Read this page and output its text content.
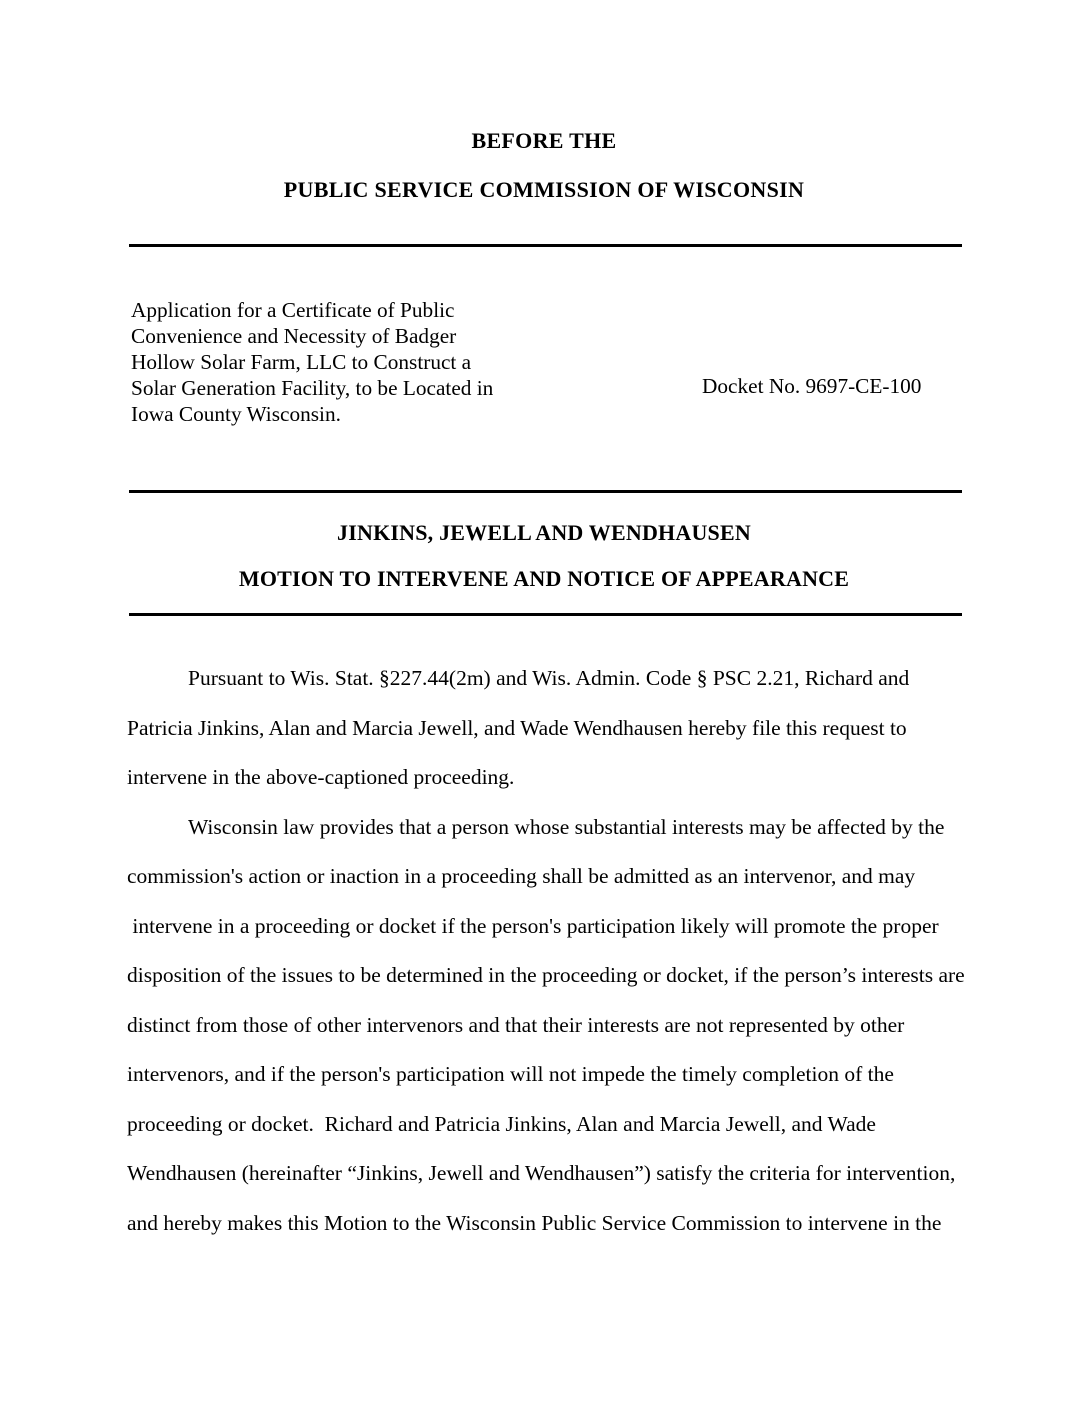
BEFORE THE
PUBLIC SERVICE COMMISSION OF WISCONSIN
Application for a Certificate of Public
Convenience and Necessity of Badger
Hollow Solar Farm, LLC to Construct a
Solar Generation Facility, to be Located in
Iowa County Wisconsin.
Docket No. 9697-CE-100
JINKINS, JEWELL AND WENDHAUSEN
MOTION TO INTERVENE AND NOTICE OF APPEARANCE
Pursuant to Wis. Stat. §227.44(2m) and Wis. Admin. Code § PSC 2.21, Richard and
Patricia Jinkins, Alan and Marcia Jewell, and Wade Wendhausen hereby file this request to
intervene in the above-captioned proceeding.
Wisconsin law provides that a person whose substantial interests may be affected by the
commission's action or inaction in a proceeding shall be admitted as an intervenor, and may
intervene in a proceeding or docket if the person's participation likely will promote the proper
disposition of the issues to be determined in the proceeding or docket, if the person’s interests are
distinct from those of other intervenors and that their interests are not represented by other
intervenors, and if the person's participation will not impede the timely completion of the
proceeding or docket.  Richard and Patricia Jinkins, Alan and Marcia Jewell, and Wade
Wendhausen (hereinafter “Jinkins, Jewell and Wendhausen”) satisfy the criteria for intervention,
and hereby makes this Motion to the Wisconsin Public Service Commission to intervene in the
